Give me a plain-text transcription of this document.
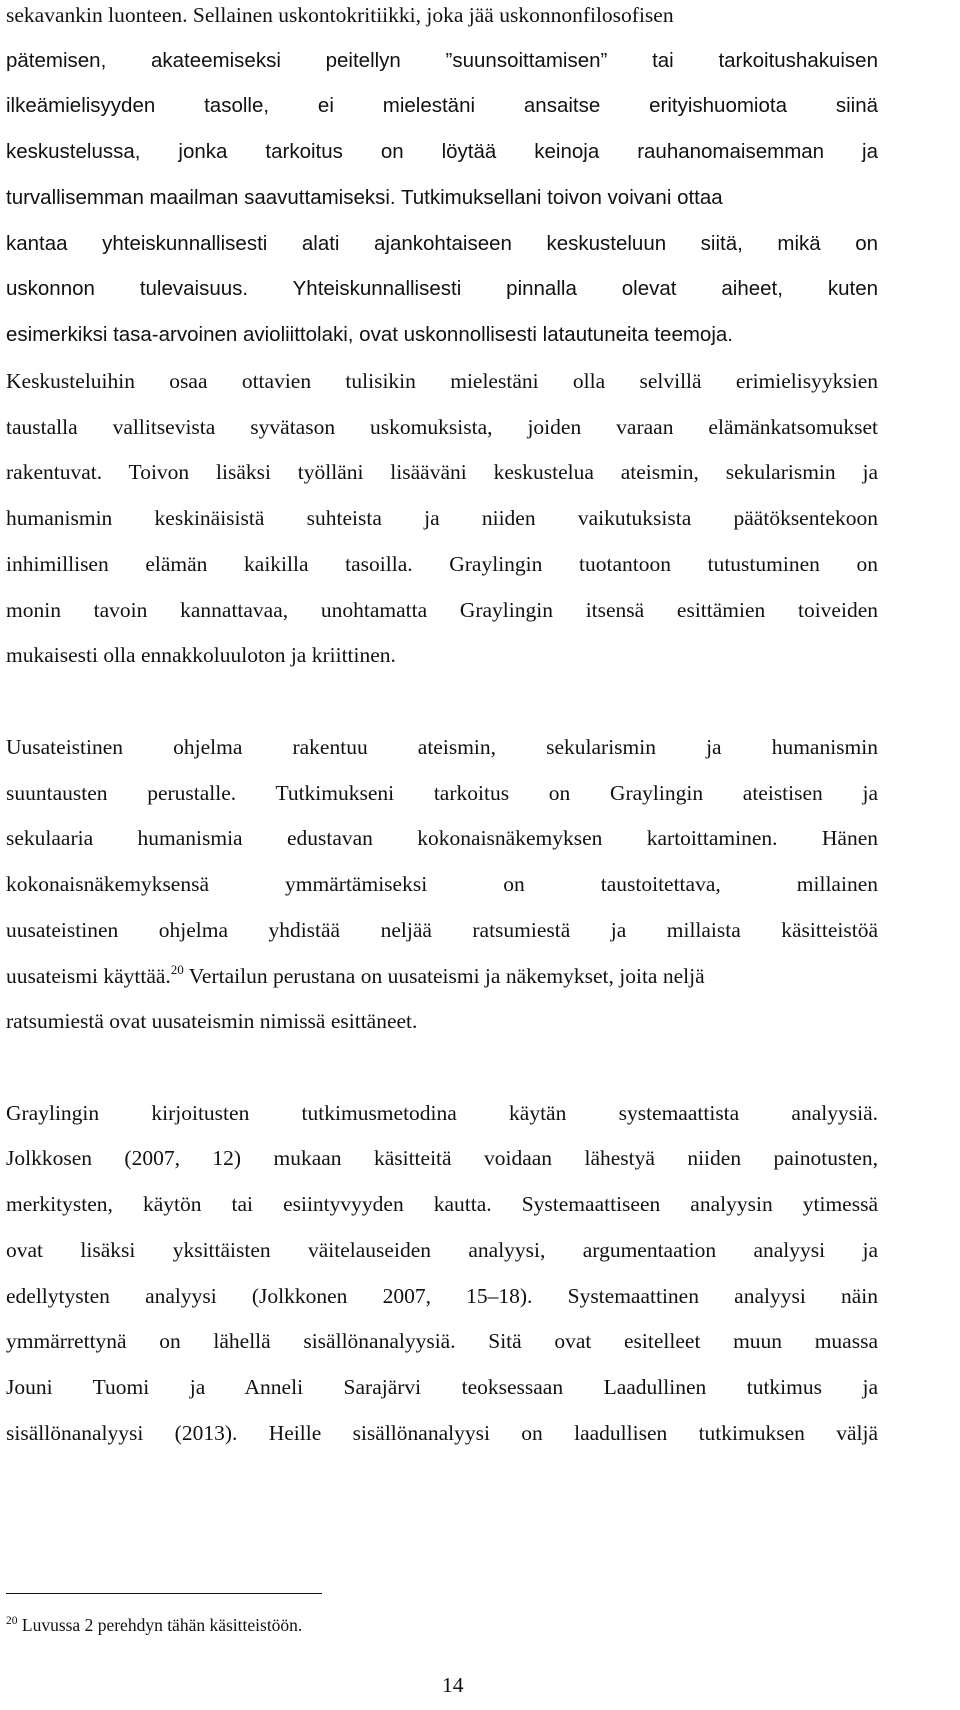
sekavankin luonteen. Sellainen uskontokritiikki, joka jää uskonnonfilosofisen
pätemisen, akateemiseksi peitellyn ”suunsoittamisen” tai tarkoitushakuisen
ilkeämielisyyden tasolle, ei mielestäni ansaitse erityishuomiota siinä
keskustelussa, jonka tarkoitus on löytää keinoja rauhanomaisemman ja
turvallisemman maailman saavuttamiseksi. Tutkimuksellani toivon voivani ottaa
kantaa yhteiskunnallisesti alati ajankohtaiseen keskusteluun siitä, mikä on
uskonnon tulevaisuus. Yhteiskunnallisesti pinnalla olevat aiheet, kuten
esimerkiksi tasa-arvoinen avioliittolaki, ovat uskonnollisesti latautuneita teemoja.
Keskusteluihin osaa ottavien tulisikin mielestäni olla selvillä erimielisyyksien
taustalla vallitsevista syvätason uskomuksista, joiden varaan elämänkatsomukset
rakentuvat. Toivon lisäksi työlläni lisääväni keskustelua ateismin, sekularismin ja
humanismin keskinäisistä suhteista ja niiden vaikutuksista päätöksentekoon
inhimillisen elämän kaikilla tasoilla. Graylingin tuotantoon tutustuminen on
monin tavoin kannattavaa, unohtamatta Graylingin itsensä esittämien toiveiden
mukaisesti olla ennakkoluuloton ja kriittinen.
Uusateistinen ohjelma rakentuu ateismin, sekularismin ja humanismin
suuntausten perustalle. Tutkimukseni tarkoitus on Graylingin ateistisen ja
sekulaaria humanismia edustavan kokonaisnäkemyksen kartoittaminen. Hänen
kokonaisnäkemyksensä ymmärtämiseksi on taustoitettava, millainen
uusateistinen ohjelma yhdistää neljää ratsumiestä ja millaista käsitteistöä
uusateismi käyttää.$^{20}$ Vertailun perustana on uusateismi ja näkemykset, joita neljä
ratsumiestä ovat uusateismin nimissä esittäneet.
Graylingin kirjoitusten tutkimusmetodina käytän systemaattista analyysiä.
Jolkkosen (2007, 12) mukaan käsitteitä voidaan lähestyä niiden painotusten,
merkitysten, käytön tai esiintyvyyden kautta. Systemaattiseen analyysin ytimessä
ovat lisäksi yksittäisten väitelauseiden analyysi, argumentaation analyysi ja
edellytysten analyysi (Jolkkonen 2007, 15–18). Systemaattinen analyysi näin
ymmärrettynä on lähellä sisällönanalyysiä. Sitä ovat esitelleet muun muassa
Jouni Tuomi ja Anneli Sarajärvi teoksessaan Laadullinen tutkimus ja
sisällönanalyysi (2013). Heille sisällönanalyysi on laadullisen tutkimuksen väljä
$^{20}$ Luvussa 2 perehdyn tähän käsitteistöön.
14
